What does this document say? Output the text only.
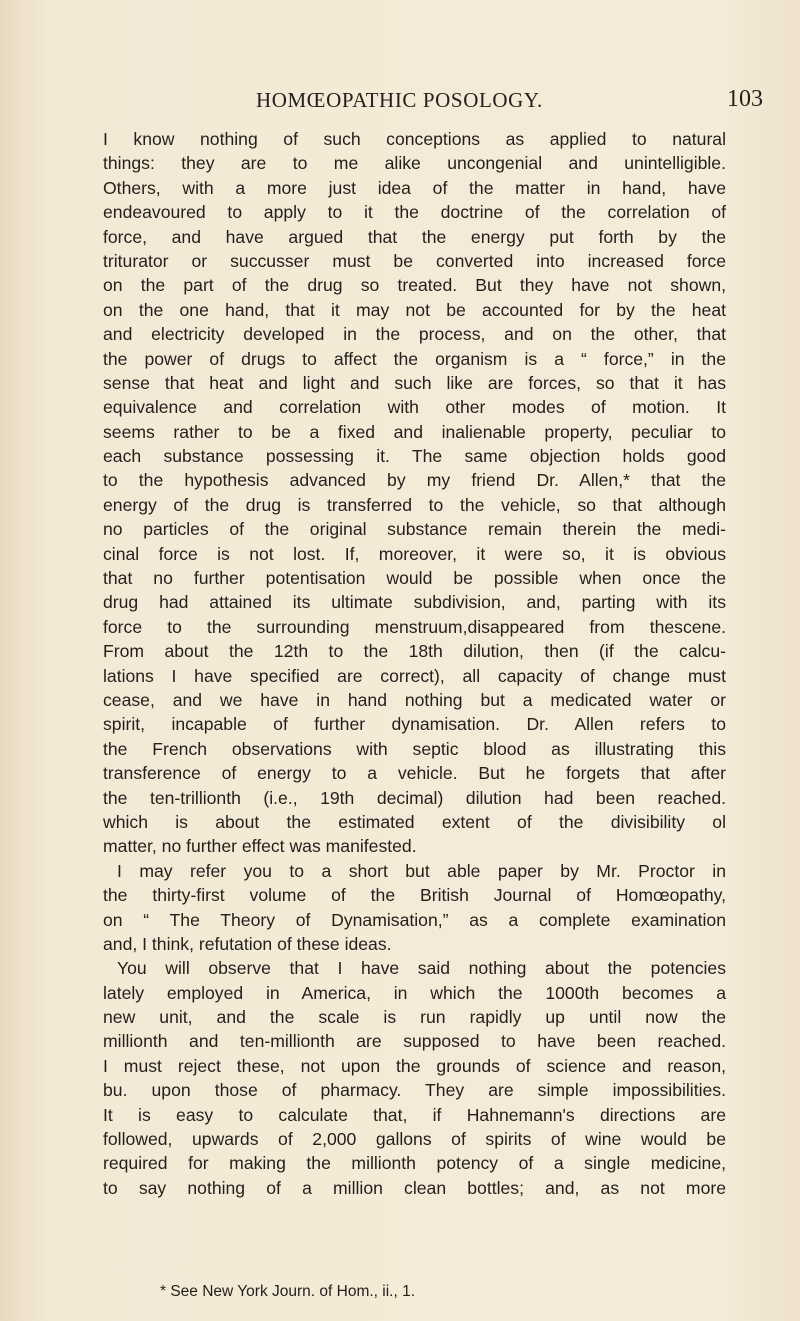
HOMŒOPATHIC POSOLOGY.	103
I know nothing of such conceptions as applied to natural
things: they are to me alike uncongenial and unintelligible.
Others, with a more just idea of the matter in hand, have
endeavoured to apply to it the doctrine of the correlation of
force, and have argued that the energy put forth by the
triturator or succusser must be converted into increased force
on the part of the drug so treated. But they have not shown,
on the one hand, that it may not be accounted for by the heat
and electricity developed in the process, and on the other, that
the power of drugs to affect the organism is a “ force,” in the
sense that heat and light and such like are forces, so that it has
equivalence and correlation with other modes of motion. It
seems rather to be a fixed and inalienable property, peculiar to
each substance possessing it. The same objection holds good
to the hypothesis advanced by my friend Dr. Allen,* that the
energy of the drug is transferred to the vehicle, so that although
no particles of the original substance remain therein the medi-
cinal force is not lost. If, moreover, it were so, it is obvious
that no further potentisation would be possible when once the
drug had attained its ultimate subdivision, and, parting with its
force to the surrounding menstruum,disappeared from thescene.
From about the 12th to the 18th dilution, then (if the calcu-
lations I have specified are correct), all capacity of change must
cease, and we have in hand nothing but a medicated water or
spirit, incapable of further dynamisation. Dr. Allen refers to
the French observations with septic blood as illustrating this
transference of energy to a vehicle. But he forgets that after
the ten-trillionth (i.e., 19th decimal) dilution had been reached.
which is about the estimated extent of the divisibility ol
matter, no further effect was manifested.
I may refer you to a short but able paper by Mr. Proctor in
the thirty-first volume of the British Journal of Homœopathy,
on “ The Theory of Dynamisation,” as a complete examination
and, I think, refutation of these ideas.
You will observe that I have said nothing about the potencies
lately employed in America, in which the 1000th becomes a
new unit, and the scale is run rapidly up until now the
millionth and ten-millionth are supposed to have been reached.
I must reject these, not upon the grounds of science and reason,
bu. upon those of pharmacy. They are simple impossibilities.
It is easy to calculate that, if Hahnemann's directions are
followed, upwards of 2,000 gallons of spirits of wine would be
required for making the millionth potency of a single medicine,
to say nothing of a million clean bottles; and, as not more
* See New York Journ. of Hom., ii., 1.
